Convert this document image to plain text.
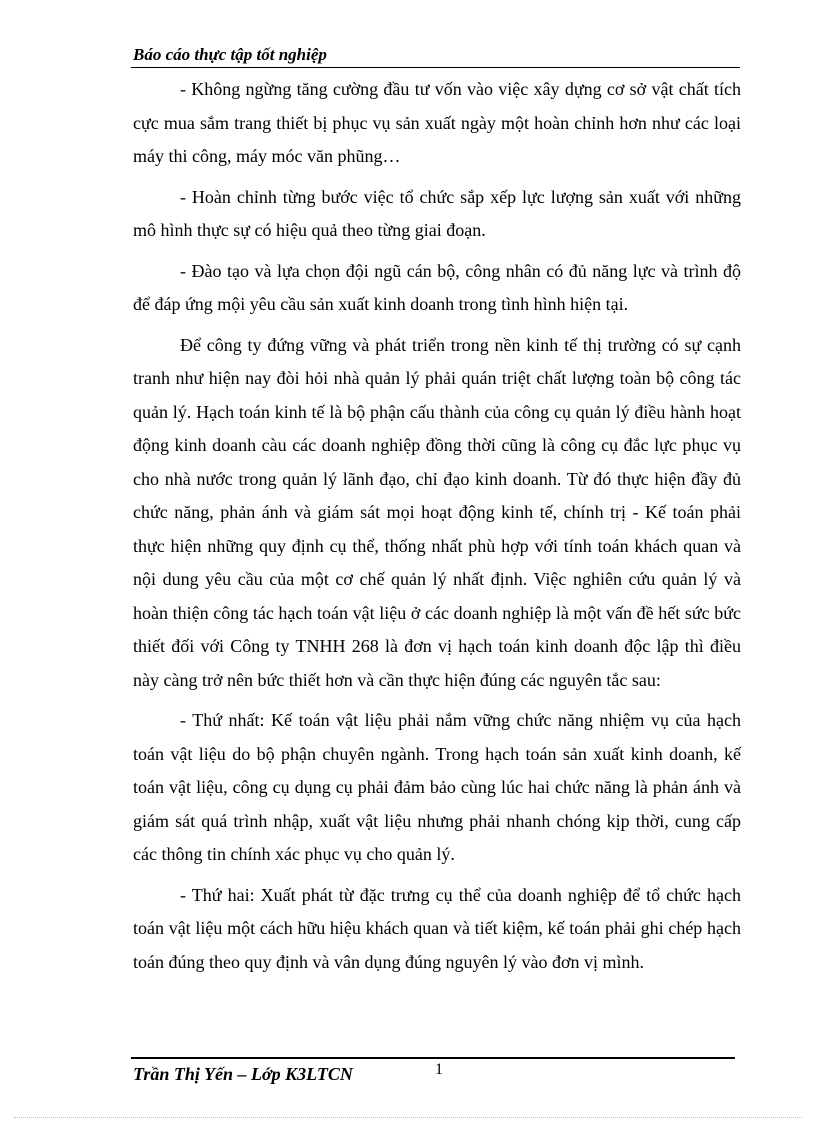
Báo cáo thực tập tốt nghiệp

- Không ngừng tăng cường đầu tư vốn vào việc xây dựng cơ sở vật chất tích cực mua sắm trang thiết bị phục vụ sản xuất ngày một hoàn chỉnh hơn như các loại máy thi công, máy móc văn phũng…

- Hoàn chỉnh từng bước việc tổ chức sắp xếp lực lượng sản xuất với những mô hình thực sự có hiệu quả theo từng giai đoạn.

- Đào tạo và lựa chọn đội ngũ cán bộ, công nhân có đủ năng lực và trình độ để đáp ứng mội yêu cầu sản xuất kinh doanh trong tình hình hiện tại.

Để công ty đứng vững và phát triển trong nền kinh tế thị trường có sự cạnh tranh như hiện nay đòi hỏi nhà quản lý phải quán triệt chất lượng toàn bộ công tác quản lý. Hạch toán kinh tế là bộ phận cấu thành của công cụ quản lý điều hành hoạt động kinh doanh càu các doanh nghiệp đồng thời cũng là công cụ đắc lực phục vụ cho nhà nước trong quản lý lãnh đạo, chỉ đạo kinh doanh. Từ đó thực hiện đầy đủ chức năng, phản ánh và giám sát mọi hoạt động kinh tế, chính trị - Kế toán phải thực hiện những quy định cụ thể, thống nhất phù hợp với tính toán khách quan và nội dung yêu cầu của một cơ chế quản lý nhất định. Việc nghiên cứu quản lý và hoàn thiện công tác hạch toán vật liệu ở các doanh nghiệp là một vấn đề hết sức bức thiết đối với Công ty TNHH 268 là đơn vị hạch toán kinh doanh độc lập thì điều này càng trở nên bức thiết hơn và cần thực hiện đúng các nguyên tắc sau:

- Thứ nhất: Kế toán vật liệu phải nắm vững chức năng nhiệm vụ của hạch toán vật liệu do bộ phận chuyên ngành. Trong hạch toán sản xuất kinh doanh, kế toán vật liệu, công cụ dụng cụ phải đảm bảo cùng lúc hai chức năng là phản ánh và giám sát quá trình nhập, xuất vật liệu nhưng phải nhanh chóng kịp thời, cung cấp các thông tin chính xác phục vụ cho quản lý.

- Thứ hai: Xuất phát từ đặc trưng cụ thể của doanh nghiệp để tổ chức hạch toán vật liệu một cách hữu hiệu khách quan và tiết kiệm, kế toán phải ghi chép hạch toán đúng theo quy định và vân dụng đúng nguyên lý vào đơn vị mình.

Trần Thị Yến – Lớp K3LTCN	1
